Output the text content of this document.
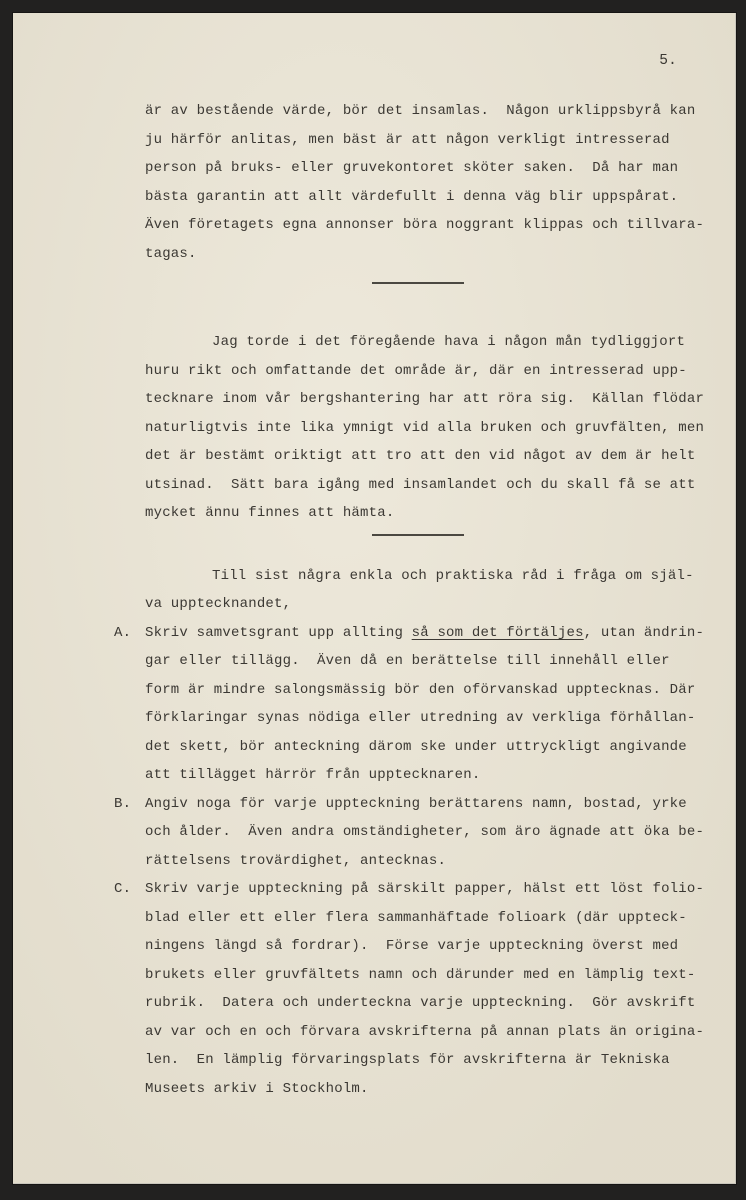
5.
är av bestående värde, bör det insamlas.  Någon urklippsbyrå kan
ju härför anlitas, men bäst är att någon verkligt intresserad
person på bruks- eller gruvekontoret sköter saken.  Då har man
bästa garantin att allt värdefullt i denna väg blir uppspårat.
Även företagets egna annonser böra noggrant klippas och tillvara-
tagas.
Jag torde i det föregående hava i någon mån tydliggjort
huru rikt och omfattande det område är, där en intresserad upp-
tecknare inom vår bergshantering har att röra sig.  Källan flödar
naturligtvis inte lika ymnigt vid alla bruken och gruvfälten, men
det är bestämt oriktigt att tro att den vid något av dem är helt
utsinad.  Sätt bara igång med insamlandet och du skall få se att
mycket ännu finnes att hämta.
Till sist några enkla och praktiska råd i fråga om själ-
va upptecknandet,
A. Skriv samvetsgrant upp allting så som det förtäljes, utan ändrin-
gar eller tillägg.  Även då en berättelse till innehåll eller
form är mindre salongsmässig bör den oförvanskad upptecknas. Där
förklaringar synas nödiga eller utredning av verkliga förhållan-
det skett, bör anteckning därom ske under uttryckligt angivande
att tillägget härrör från upptecknaren.
B. Angiv noga för varje uppteckning berättarens namn, bostad, yrke
och ålder.  Även andra omständigheter, som äro ägnade att öka be-
rättelsens trovärdighet, antecknas.
C. Skriv varje uppteckning på särskilt papper, hälst ett löst folio-
blad eller ett eller flera sammanhäftade folioark (där uppteck-
ningens längd så fordrar).  Förse varje uppteckning överst med
brukets eller gruvfältets namn och därunder med en lämplig text-
rubrik.  Datera och underteckna varje uppteckning.  Gör avskrift
av var och en och förvara avskrifterna på annan plats än origina-
len.  En lämplig förvaringsplats för avskrifterna är Tekniska
Museets arkiv i Stockholm.
